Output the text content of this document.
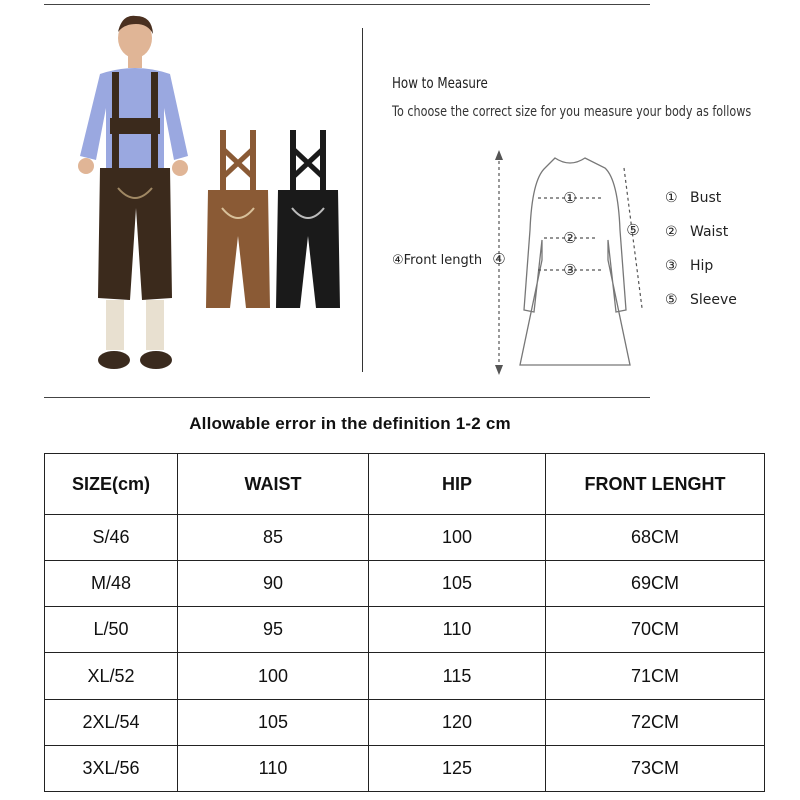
How to Measure
To choose the correct size for you measure your body as follows
①
②
③
④
⑤
④Front length
① Bust
② Waist
③ Hip
⑤ Sleeve
Allowable error in the definition 1-2 cm
SIZE(cm)	WAIST	HIP	FRONT LENGHT
S/46	85	100	68CM
M/48	90	105	69CM
L/50	95	110	70CM
XL/52	100	115	71CM
2XL/54	105	120	72CM
3XL/56	110	125	73CM
